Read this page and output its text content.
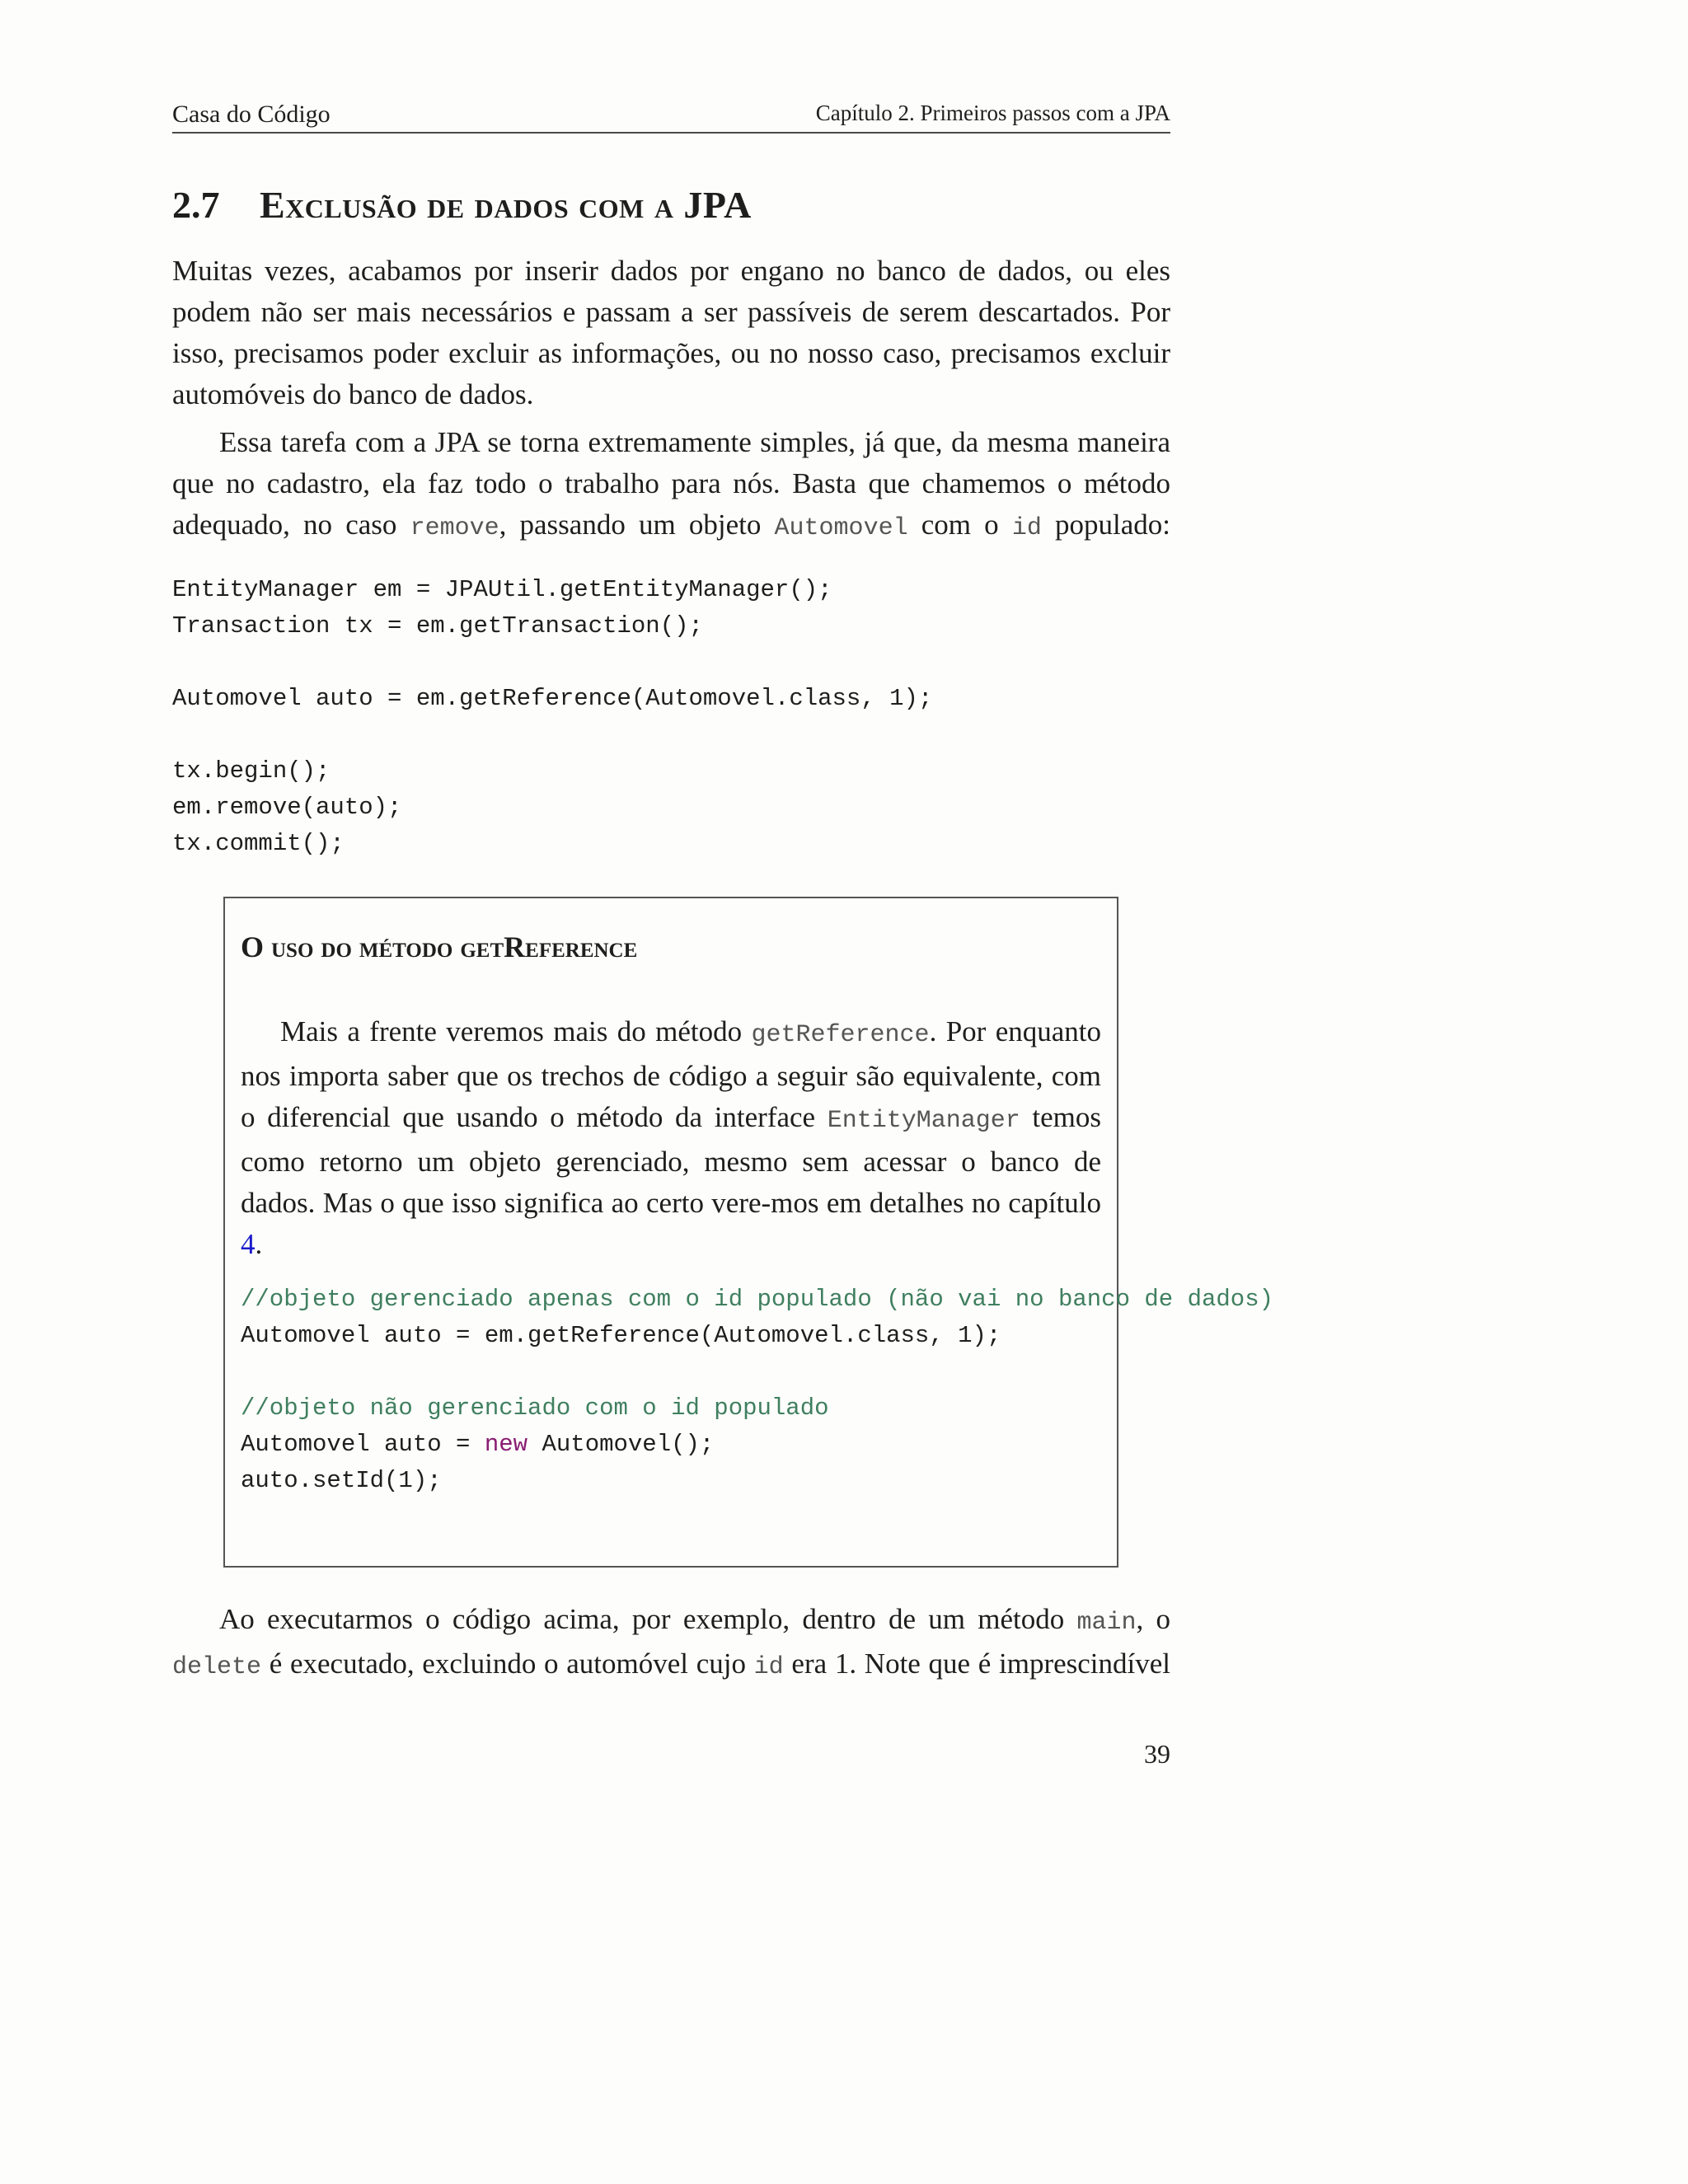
Casa do Código	Capítulo 2. Primeiros passos com a JPA
2.7 Exclusão de dados com a JPA
Muitas vezes, acabamos por inserir dados por engano no banco de dados, ou eles
podem não ser mais necessários e passam a ser passíveis de serem descartados. Por
isso, precisamos poder excluir as informações, ou no nosso caso, precisamos excluir
automóveis do banco de dados.
Essa tarefa com a JPA se torna extremamente simples, já que, da mesma maneira
que no cadastro, ela faz todo o trabalho para nós. Basta que chamemos o método
adequado, no caso remove, passando um objeto Automovel com o id populado:
EntityManager em = JPAUtil.getEntityManager();
Transaction tx = em.getTransaction();

Automovel auto = em.getReference(Automovel.class, 1);

tx.begin();
em.remove(auto);
tx.commit();
O uso do método getReference

Mais a frente veremos mais do método getReference. Por enquanto nos importa saber que os trechos de código a seguir são equivalente, com o diferencial que usando o método da interface EntityManager temos como retorno um objeto gerenciado, mesmo sem acessar o banco de dados. Mas o que isso significa ao certo vere-mos em detalhes no capítulo 4.

//objeto gerenciado apenas com o id populado (não vai no banco de dados)
Automovel auto = em.getReference(Automovel.class, 1);

//objeto não gerenciado com o id populado
Automovel auto = new Automovel();
auto.setId(1);
Ao executarmos o código acima, por exemplo, dentro de um método main, o
delete é executado, excluindo o automóvel cujo id era 1. Note que é imprescindível
39
